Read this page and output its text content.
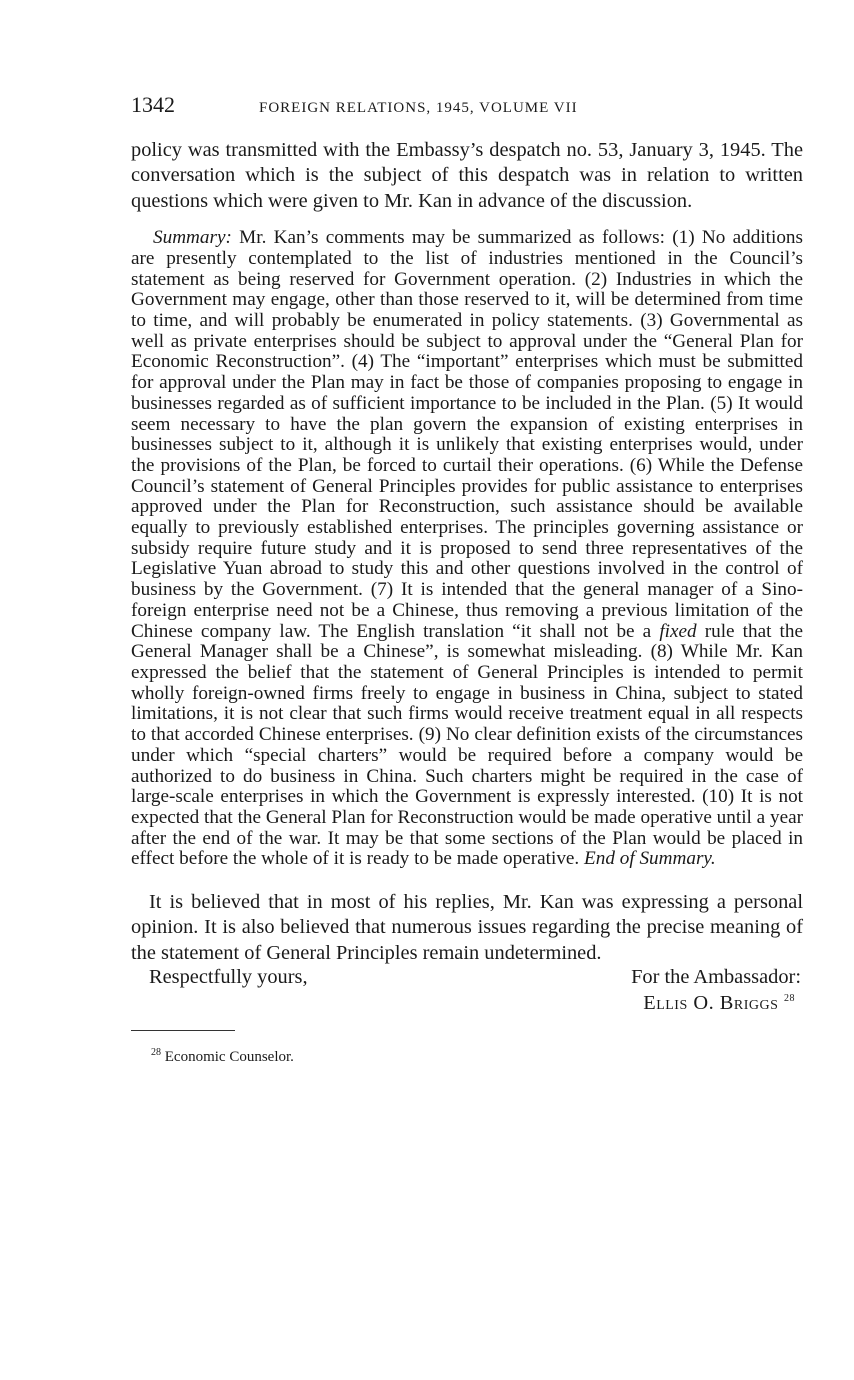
1342	FOREIGN RELATIONS, 1945, VOLUME VII

policy was transmitted with the Embassy’s despatch no. 53, January 3, 1945. The conversation which is the subject of this despatch was in relation to written questions which were given to Mr. Kan in advance of the discussion.

Summary: Mr. Kan’s comments may be summarized as follows: (1) No additions are presently contemplated to the list of industries mentioned in the Council’s statement as being reserved for Government operation. (2) Industries in which the Government may engage, other than those reserved to it, will be determined from time to time, and will probably be enumerated in policy statements. (3) Governmental as well as private enterprises should be subject to approval under the “General Plan for Economic Reconstruction”. (4) The “important” enterprises which must be submitted for approval under the Plan may in fact be those of companies proposing to engage in businesses regarded as of sufficient importance to be included in the Plan. (5) It would seem necessary to have the plan govern the expansion of existing enterprises in businesses subject to it, although it is unlikely that existing enterprises would, under the provisions of the Plan, be forced to curtail their operations. (6) While the Defense Council’s statement of General Principles provides for public assistance to enterprises approved under the Plan for Reconstruction, such assistance should be available equally to previously established enterprises. The principles governing assistance or subsidy require future study and it is proposed to send three representatives of the Legislative Yuan abroad to study this and other questions involved in the control of business by the Government. (7) It is intended that the general manager of a Sino-foreign enterprise need not be a Chinese, thus removing a previous limitation of the Chinese company law. The English translation “it shall not be a fixed rule that the General Manager shall be a Chinese”, is somewhat misleading. (8) While Mr. Kan expressed the belief that the statement of General Principles is intended to permit wholly foreign-owned firms freely to engage in business in China, subject to stated limitations, it is not clear that such firms would receive treatment equal in all respects to that accorded Chinese enterprises. (9) No clear definition exists of the circumstances under which “special charters” would be required before a company would be authorized to do business in China. Such charters might be required in the case of large-scale enterprises in which the Government is expressly interested. (10) It is not expected that the General Plan for Reconstruction would be made operative until a year after the end of the war. It may be that some sections of the Plan would be placed in effect before the whole of it is ready to be made operative. End of Summary.

It is believed that in most of his replies, Mr. Kan was expressing a personal opinion. It is also believed that numerous issues regarding the precise meaning of the statement of General Principles remain undetermined.

Respectfully yours,	For the Ambassador:
Ellis O. Briggs $^{28}$
$^{28}$ Economic Counselor.
